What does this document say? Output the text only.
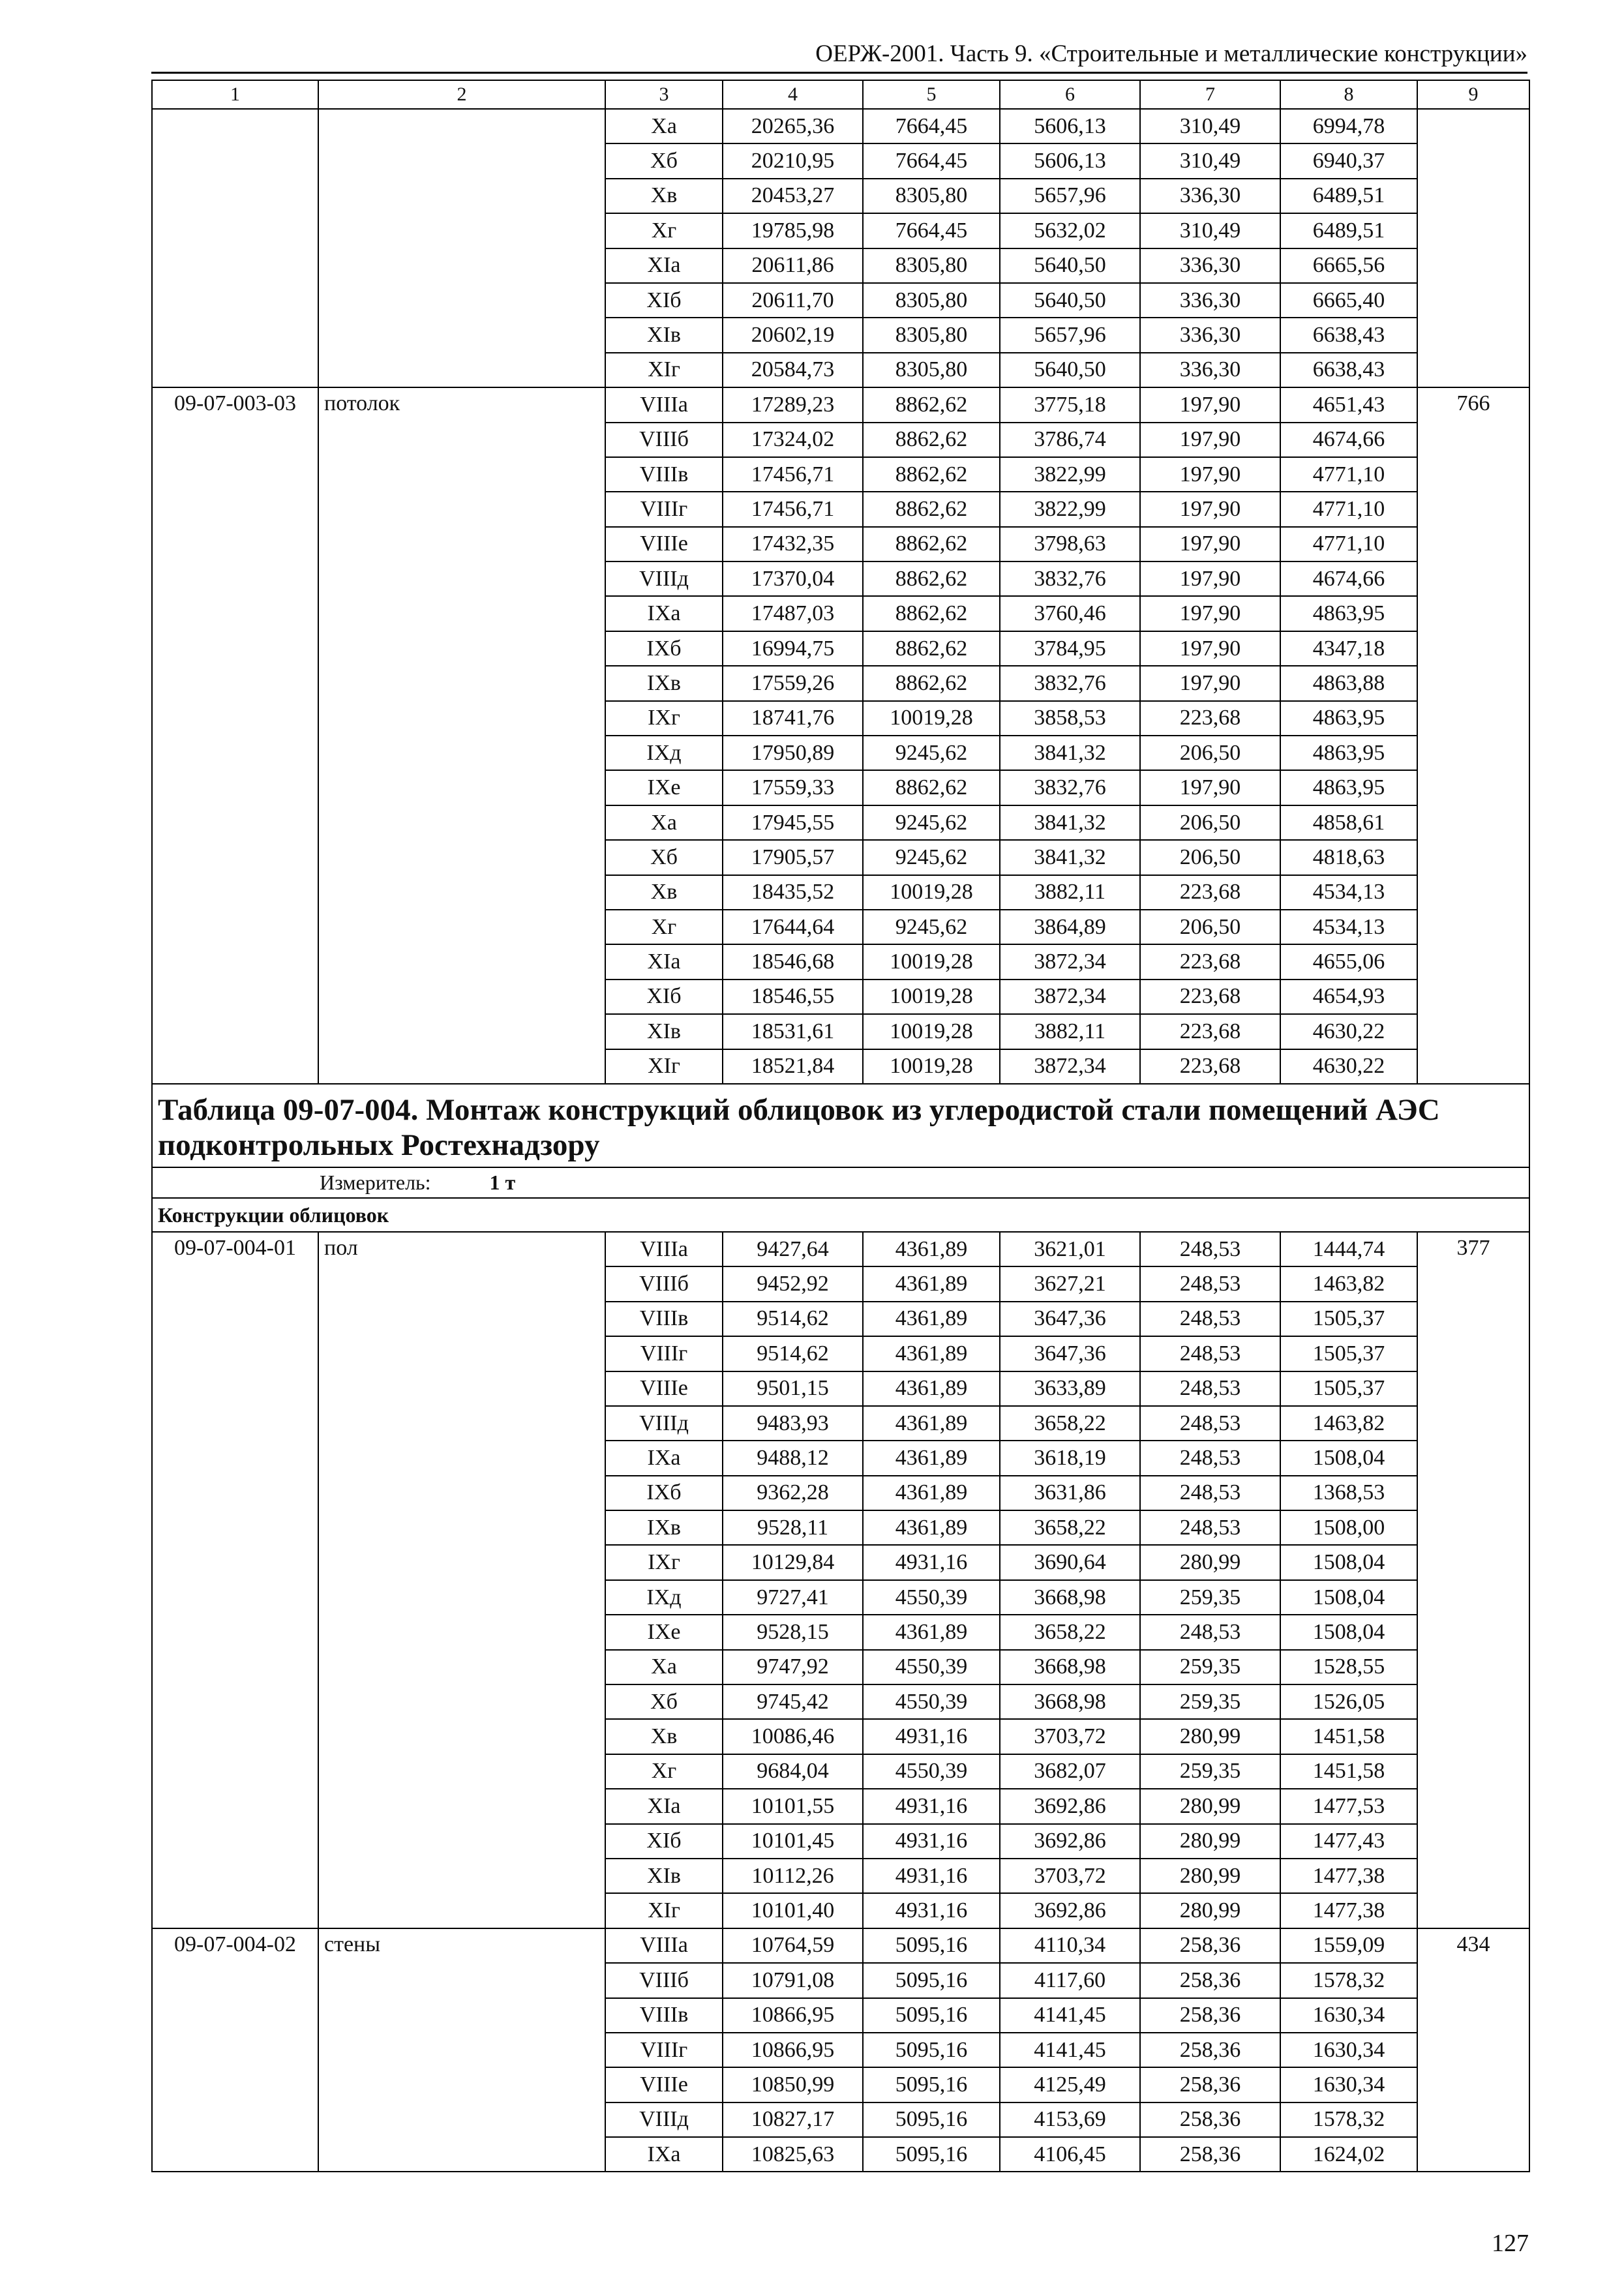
ОЕРЖ-2001. Часть 9. «Строительные и металлические конструкции»
1	2	3	4	5	6	7	8	9
		Xa	20265,36	7664,45	5606,13	310,49	6994,78	
		Xб	20210,95	7664,45	5606,13	310,49	6940,37	
		Xв	20453,27	8305,80	5657,96	336,30	6489,51	
		Xг	19785,98	7664,45	5632,02	310,49	6489,51	
		XIa	20611,86	8305,80	5640,50	336,30	6665,56	
		XIб	20611,70	8305,80	5640,50	336,30	6665,40	
		XIв	20602,19	8305,80	5657,96	336,30	6638,43	
		XIг	20584,73	8305,80	5640,50	336,30	6638,43	
09-07-003-03	потолок	VIIIa	17289,23	8862,62	3775,18	197,90	4651,43	766
		VIIIб	17324,02	8862,62	3786,74	197,90	4674,66	
		VIIIв	17456,71	8862,62	3822,99	197,90	4771,10	
		VIIIг	17456,71	8862,62	3822,99	197,90	4771,10	
		VIIIe	17432,35	8862,62	3798,63	197,90	4771,10	
		VIIIд	17370,04	8862,62	3832,76	197,90	4674,66	
		IXa	17487,03	8862,62	3760,46	197,90	4863,95	
		IXб	16994,75	8862,62	3784,95	197,90	4347,18	
		IXв	17559,26	8862,62	3832,76	197,90	4863,88	
		IXг	18741,76	10019,28	3858,53	223,68	4863,95	
		IXд	17950,89	9245,62	3841,32	206,50	4863,95	
		IXe	17559,33	8862,62	3832,76	197,90	4863,95	
		Xa	17945,55	9245,62	3841,32	206,50	4858,61	
		Xб	17905,57	9245,62	3841,32	206,50	4818,63	
		Xв	18435,52	10019,28	3882,11	223,68	4534,13	
		Xг	17644,64	9245,62	3864,89	206,50	4534,13	
		XIa	18546,68	10019,28	3872,34	223,68	4655,06	
		XIб	18546,55	10019,28	3872,34	223,68	4654,93	
		XIв	18531,61	10019,28	3882,11	223,68	4630,22	
		XIг	18521,84	10019,28	3872,34	223,68	4630,22	
Таблица 09-07-004. Монтаж конструкций облицовок из углеродистой стали помещений АЭС подконтрольных Ростехнадзору								
Измеритель: 1 т								
Конструкции облицовок								
09-07-004-01	пол	VIIIa	9427,64	4361,89	3621,01	248,53	1444,74	377
		VIIIб	9452,92	4361,89	3627,21	248,53	1463,82	
		VIIIв	9514,62	4361,89	3647,36	248,53	1505,37	
		VIIIг	9514,62	4361,89	3647,36	248,53	1505,37	
		VIIIe	9501,15	4361,89	3633,89	248,53	1505,37	
		VIIIд	9483,93	4361,89	3658,22	248,53	1463,82	
		IXa	9488,12	4361,89	3618,19	248,53	1508,04	
		IXб	9362,28	4361,89	3631,86	248,53	1368,53	
		IXв	9528,11	4361,89	3658,22	248,53	1508,00	
		IXг	10129,84	4931,16	3690,64	280,99	1508,04	
		IXд	9727,41	4550,39	3668,98	259,35	1508,04	
		IXe	9528,15	4361,89	3658,22	248,53	1508,04	
		Xa	9747,92	4550,39	3668,98	259,35	1528,55	
		Xб	9745,42	4550,39	3668,98	259,35	1526,05	
		Xв	10086,46	4931,16	3703,72	280,99	1451,58	
		Xг	9684,04	4550,39	3682,07	259,35	1451,58	
		XIa	10101,55	4931,16	3692,86	280,99	1477,53	
		XIб	10101,45	4931,16	3692,86	280,99	1477,43	
		XIв	10112,26	4931,16	3703,72	280,99	1477,38	
		XIг	10101,40	4931,16	3692,86	280,99	1477,38	
09-07-004-02	стены	VIIIa	10764,59	5095,16	4110,34	258,36	1559,09	434
		VIIIб	10791,08	5095,16	4117,60	258,36	1578,32	
		VIIIв	10866,95	5095,16	4141,45	258,36	1630,34	
		VIIIг	10866,95	5095,16	4141,45	258,36	1630,34	
		VIIIe	10850,99	5095,16	4125,49	258,36	1630,34	
		VIIIд	10827,17	5095,16	4153,69	258,36	1578,32	
		IXa	10825,63	5095,16	4106,45	258,36	1624,02	
127
